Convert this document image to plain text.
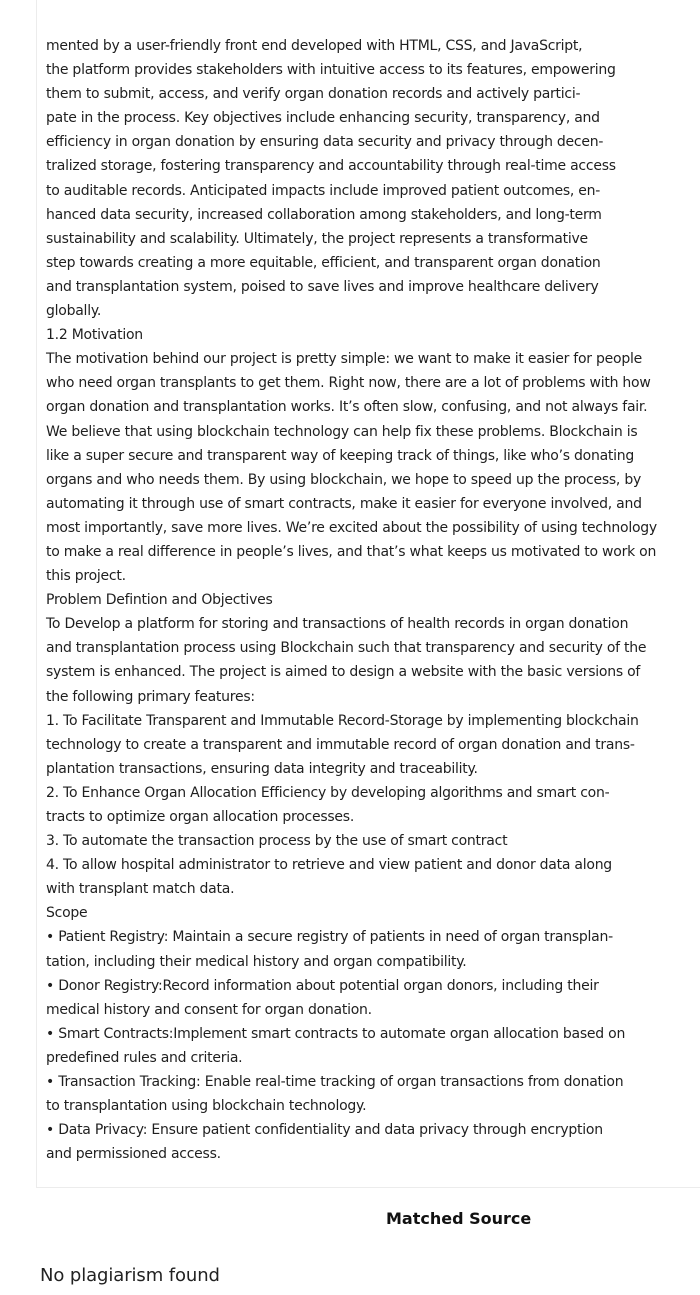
mented by a user-friendly front end developed with HTML, CSS, and JavaScript,
the platform provides stakeholders with intuitive access to its features, empowering
them to submit, access, and verify organ donation records and actively partici-
pate in the process. Key objectives include enhancing security, transparency, and
efficiency in organ donation by ensuring data security and privacy through decen-
tralized storage, fostering transparency and accountability through real-time access
to auditable records. Anticipated impacts include improved patient outcomes, en-
hanced data security, increased collaboration among stakeholders, and long-term
sustainability and scalability. Ultimately, the project represents a transformative
step towards creating a more equitable, efficient, and transparent organ donation
and transplantation system, poised to save lives and improve healthcare delivery
globally.
1.2 Motivation
The motivation behind our project is pretty simple: we want to make it easier for people
who need organ transplants to get them. Right now, there are a lot of problems with how
organ donation and transplantation works. It’s often slow, confusing, and not always fair.
We believe that using blockchain technology can help fix these problems. Blockchain is
like a super secure and transparent way of keeping track of things, like who’s donating
organs and who needs them. By using blockchain, we hope to speed up the process, by
automating it through use of smart contracts, make it easier for everyone involved, and
most importantly, save more lives. We’re excited about the possibility of using technology
to make a real difference in people’s lives, and that’s what keeps us motivated to work on
this project.
Problem Defintion and Objectives
To Develop a platform for storing and transactions of health records in organ donation
and transplantation process using Blockchain such that transparency and security of the
system is enhanced. The project is aimed to design a website with the basic versions of
the following primary features:
1. To Facilitate Transparent and Immutable Record-Storage by implementing blockchain
technology to create a transparent and immutable record of organ donation and trans-
plantation transactions, ensuring data integrity and traceability.
2. To Enhance Organ Allocation Efficiency by developing algorithms and smart con-
tracts to optimize organ allocation processes.
3. To automate the transaction process by the use of smart contract
4. To allow hospital administrator to retrieve and view patient and donor data along
with transplant match data.
Scope
• Patient Registry: Maintain a secure registry of patients in need of organ transplan-
tation, including their medical history and organ compatibility.
• Donor Registry:Record information about potential organ donors, including their
medical history and consent for organ donation.
• Smart Contracts:Implement smart contracts to automate organ allocation based on
predefined rules and criteria.
• Transaction Tracking: Enable real-time tracking of organ transactions from donation
to transplantation using blockchain technology.
• Data Privacy: Ensure patient confidentiality and data privacy through encryption
and permissioned access.
Matched Source
No plagiarism found
